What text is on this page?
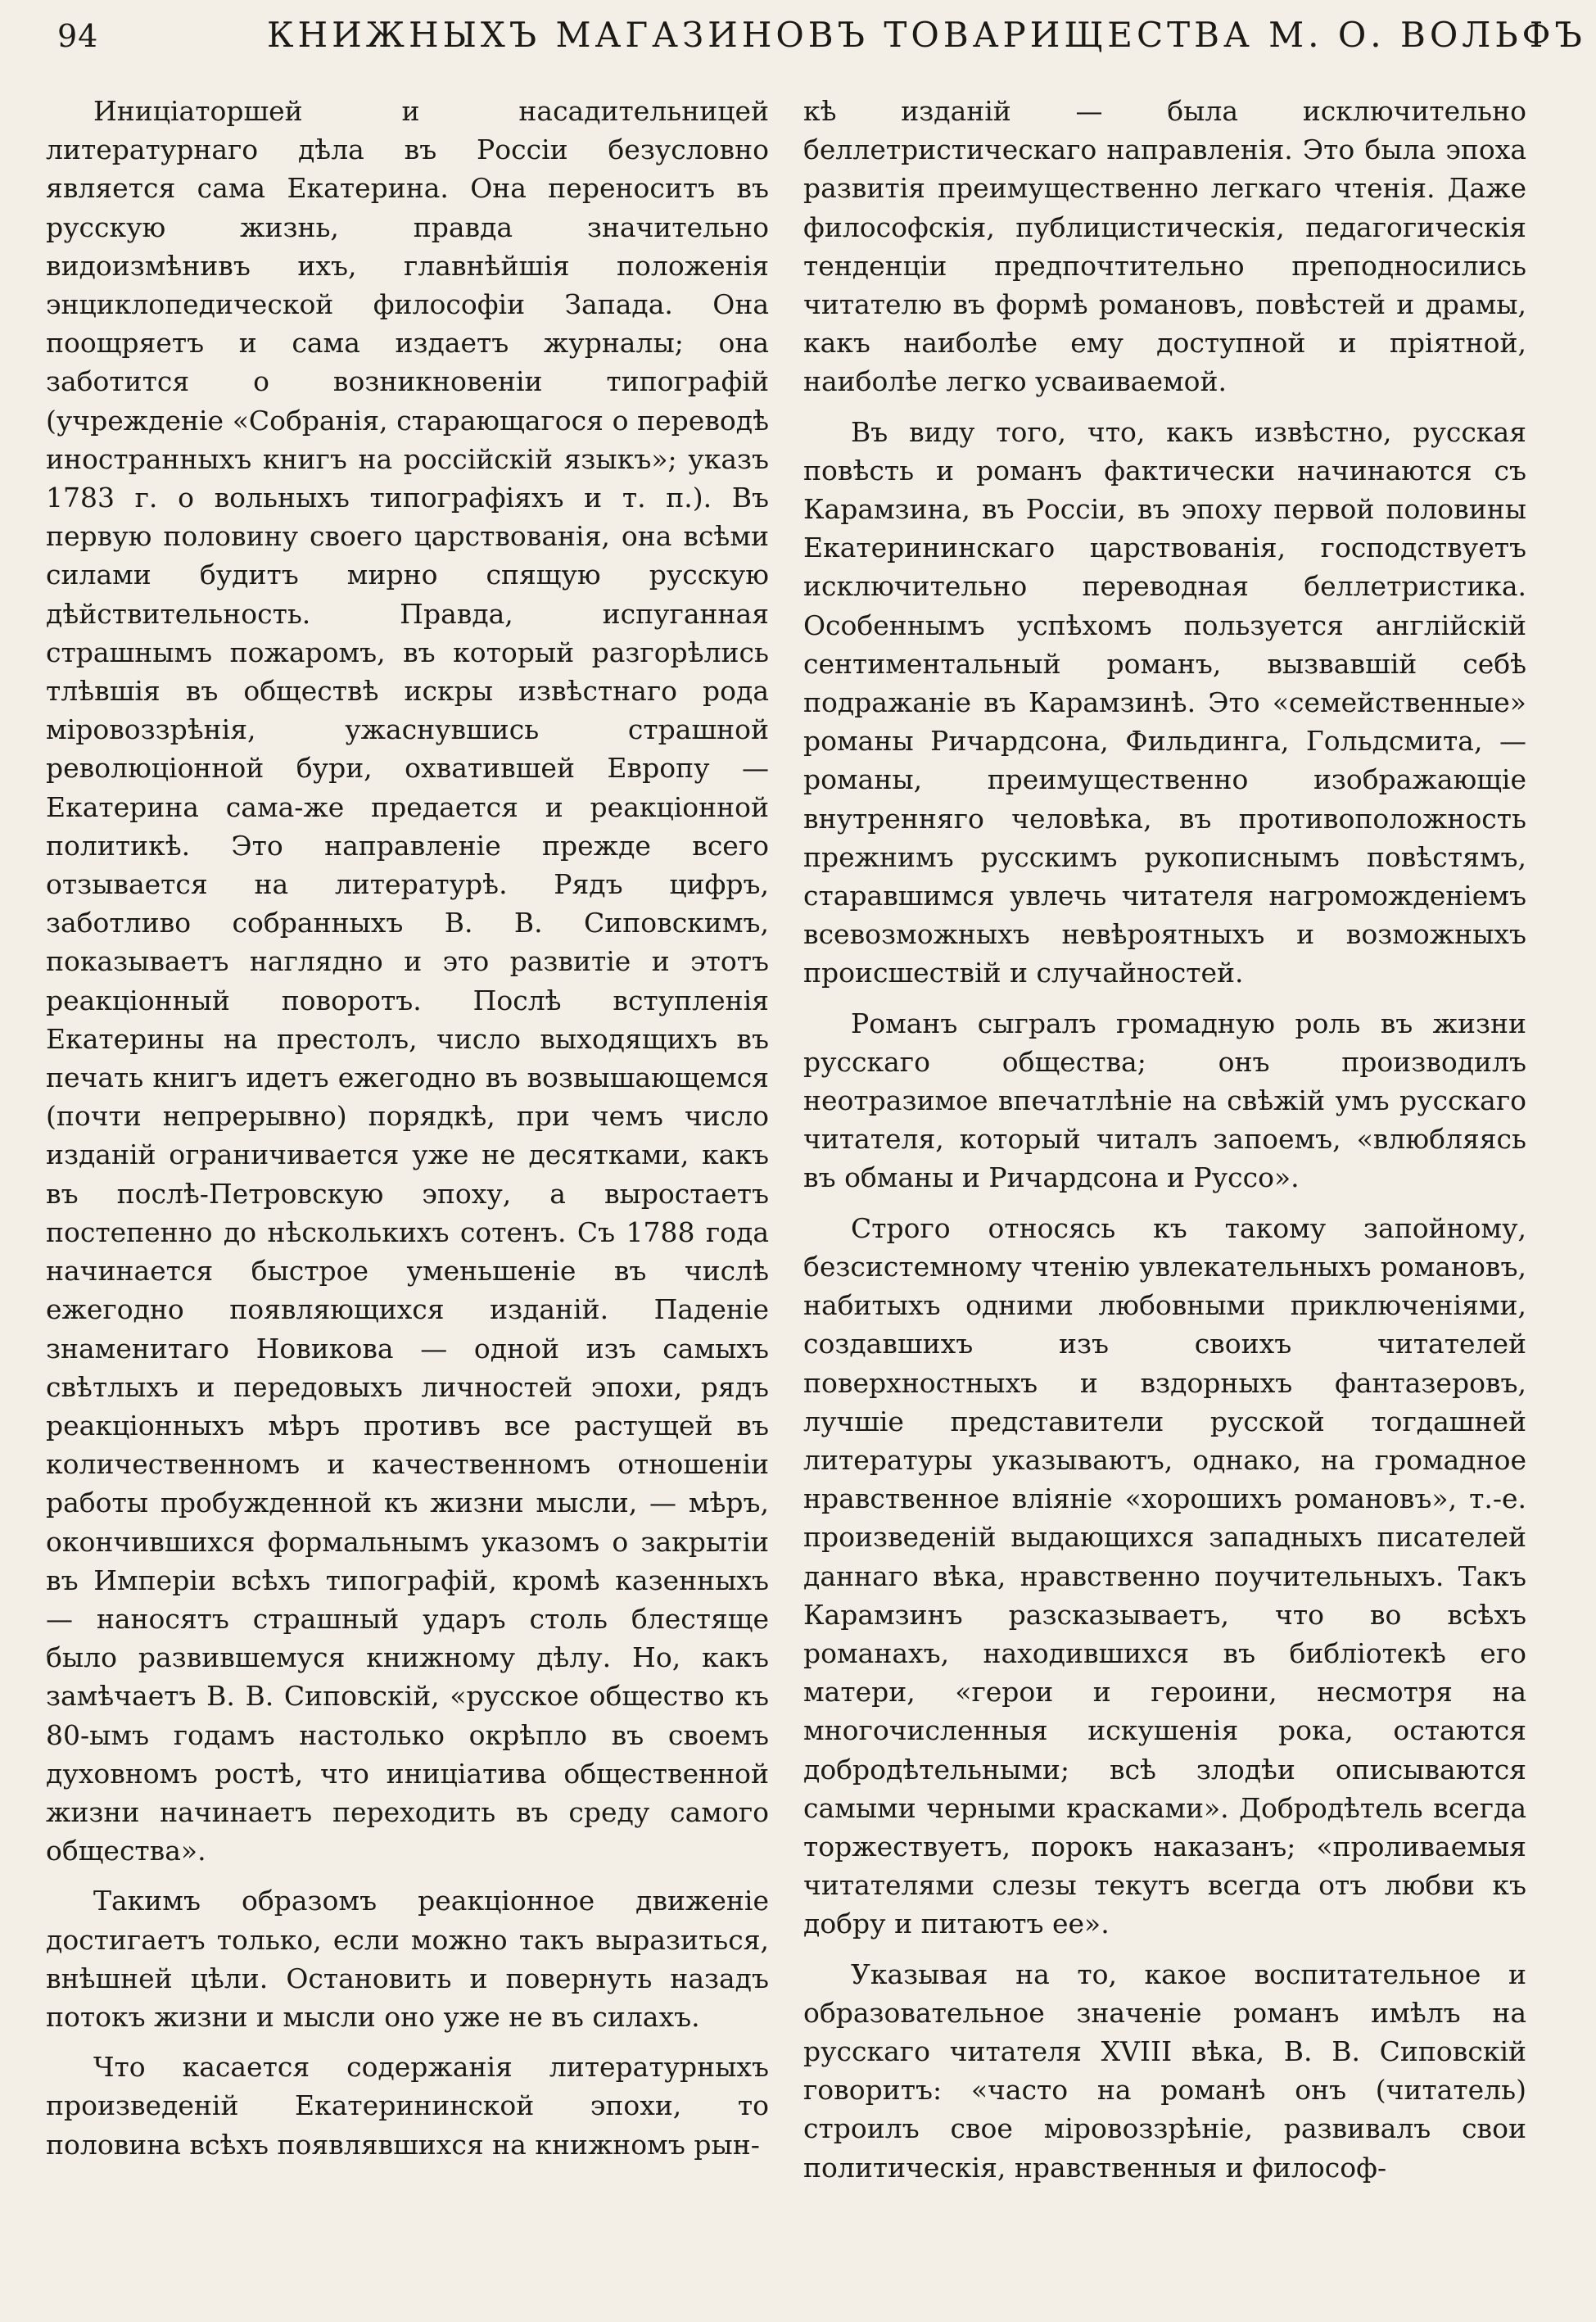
94	КНИЖНЫХЪ МАГАЗИНОВЪ ТОВАРИЩЕСТВА М. О. ВОЛЬФЪ

Иниціаторшей и насадительницей литературнаго дѣла въ Россіи безусловно является сама Екатерина. Она переноситъ въ русскую жизнь, правда значительно видоизмѣнивъ ихъ, главнѣйшія положенія энциклопедической философіи Запада. Она поощряетъ и сама издаетъ журналы; она заботится о возникновеніи типографій (учрежденіе «Собранія, старающагося о переводѣ иностранныхъ книгъ на россійскій языкъ»; указъ 1783 г. о вольныхъ типографіяхъ и т. п.). Въ первую половину своего царствованія, она всѣми силами будитъ мирно спящую русскую дѣйствительность. Правда, испуганная страшнымъ пожаромъ, въ который разгорѣлись тлѣвшія въ обществѣ искры извѣстнаго рода міровоззрѣнія, ужаснувшись страшной революціонной бури, охватившей Европу — Екатерина сама-же предается и реакціонной политикѣ. Это направленіе прежде всего отзывается на литературѣ. Рядъ цифръ, заботливо собранныхъ В. В. Сиповскимъ, показываетъ наглядно и это развитіе и этотъ реакціонный поворотъ. Послѣ вступленія Екатерины на престолъ, число выходящихъ въ печать книгъ идетъ ежегодно въ возвышающемся (почти непрерывно) порядкѣ, при чемъ число изданій ограничивается уже не десятками, какъ въ послѣ-Петровскую эпоху, а выростаетъ постепенно до нѣсколькихъ сотенъ. Съ 1788 года начинается быстрое уменьшеніе въ числѣ ежегодно появляющихся изданій. Паденіе знаменитаго Новикова — одной изъ самыхъ свѣтлыхъ и передовыхъ личностей эпохи, рядъ реакціонныхъ мѣръ противъ все растущей въ количественномъ и качественномъ отношеніи работы пробужденной къ жизни мысли, — мѣръ, окончившихся формальнымъ указомъ о закрытіи въ Имперіи всѣхъ типографій, кромѣ казенныхъ — наносятъ страшный ударъ столь блестяще было развившемуся книжному дѣлу. Но, какъ замѣчаетъ В. В. Сиповскій, «русское общество къ 80-ымъ годамъ настолько окрѣпло въ своемъ духовномъ ростѣ, что иниціатива общественной жизни начинаетъ переходить въ среду самого общества».

Такимъ образомъ реакціонное движеніе достигаетъ только, если можно такъ выразиться, внѣшней цѣли. Остановить и повернуть назадъ потокъ жизни и мысли оно уже не въ силахъ.

Что касается содержанія литературныхъ произведеній Екатерининской эпохи, то половина всѣхъ появлявшихся на книжномъ рын-

кѣ изданій — была исключительно беллетристическаго направленія. Это была эпоха развитія преимущественно легкаго чтенія. Даже философскія, публицистическія, педагогическія тенденціи предпочтительно преподносились читателю въ формѣ романовъ, повѣстей и драмы, какъ наиболѣе ему доступной и пріятной, наиболѣе легко усваиваемой.

Въ виду того, что, какъ извѣстно, русская повѣсть и романъ фактически начинаются съ Карамзина, въ Россіи, въ эпоху первой половины Екатерининскаго царствованія, господствуетъ исключительно переводная беллетристика. Особеннымъ успѣхомъ пользуется англійскій сентиментальный романъ, вызвавшій себѣ подражаніе въ Карамзинѣ. Это «семейственные» романы Ричардсона, Фильдинга, Гольдсмита, — романы, преимущественно изображающіе внутренняго человѣка, въ противоположность прежнимъ русскимъ рукописнымъ повѣстямъ, старавшимся увлечь читателя нагроможденіемъ всевозможныхъ невѣроятныхъ и возможныхъ происшествій и случайностей.

Романъ сыгралъ громадную роль въ жизни русскаго общества; онъ производилъ неотразимое впечатлѣніе на свѣжій умъ русскаго читателя, который читалъ запоемъ, «влюбляясь въ обманы и Ричардсона и Руссо».

Строго относясь къ такому запойному, безсистемному чтенію увлекательныхъ романовъ, набитыхъ одними любовными приключеніями, создавшихъ изъ своихъ читателей поверхностныхъ и вздорныхъ фантазеровъ, лучшіе представители русской тогдашней литературы указываютъ, однако, на громадное нравственное вліяніе «хорошихъ романовъ», т.-е. произведеній выдающихся западныхъ писателей даннаго вѣка, нравственно поучительныхъ. Такъ Карамзинъ разсказываетъ, что во всѣхъ романахъ, находившихся въ библіотекѣ его матери, «герои и героини, несмотря на многочисленныя искушенія рока, остаются добродѣтельными; всѣ злодѣи описываются самыми черными красками». Добродѣтель всегда торжествуетъ, порокъ наказанъ; «проливаемыя читателями слезы текутъ всегда отъ любви къ добру и питаютъ ее».

Указывая на то, какое воспитательное и образовательное значеніе романъ имѣлъ на русскаго читателя XVIII вѣка, В. В. Сиповскій говоритъ: «часто на романѣ онъ (читатель) строилъ свое міровоззрѣніе, развивалъ свои политическія, нравственныя и философ-
